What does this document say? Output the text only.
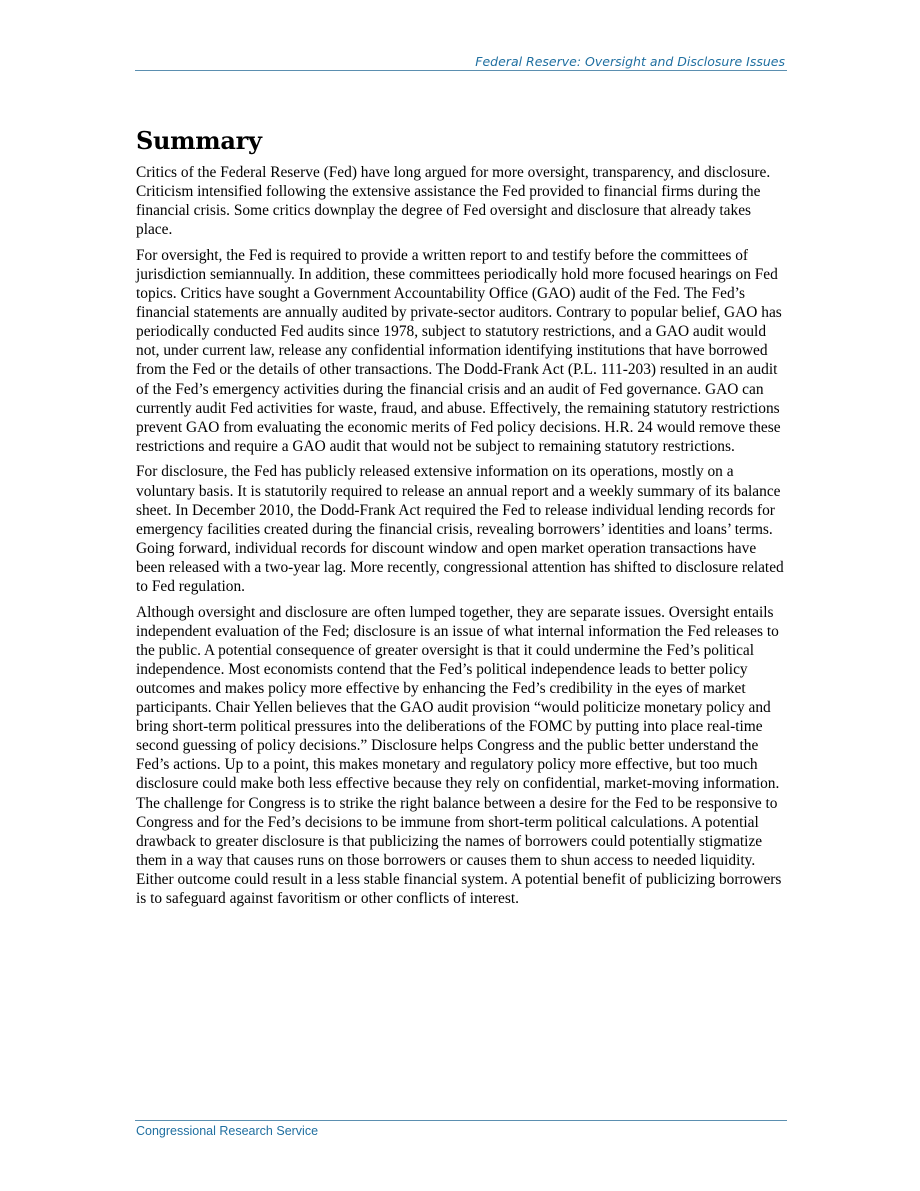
Federal Reserve: Oversight and Disclosure Issues
Summary

Critics of the Federal Reserve (Fed) have long argued for more oversight, transparency, and disclosure. Criticism intensified following the extensive assistance the Fed provided to financial firms during the financial crisis. Some critics downplay the degree of Fed oversight and disclosure that already takes place.

For oversight, the Fed is required to provide a written report to and testify before the committees of jurisdiction semiannually. In addition, these committees periodically hold more focused hearings on Fed topics. Critics have sought a Government Accountability Office (GAO) audit of the Fed. The Fed’s financial statements are annually audited by private-sector auditors. Contrary to popular belief, GAO has periodically conducted Fed audits since 1978, subject to statutory restrictions, and a GAO audit would not, under current law, release any confidential information identifying institutions that have borrowed from the Fed or the details of other transactions. The Dodd-Frank Act (P.L. 111-203) resulted in an audit of the Fed’s emergency activities during the financial crisis and an audit of Fed governance. GAO can currently audit Fed activities for waste, fraud, and abuse. Effectively, the remaining statutory restrictions prevent GAO from evaluating the economic merits of Fed policy decisions. H.R. 24 would remove these restrictions and require a GAO audit that would not be subject to remaining statutory restrictions.

For disclosure, the Fed has publicly released extensive information on its operations, mostly on a voluntary basis. It is statutorily required to release an annual report and a weekly summary of its balance sheet. In December 2010, the Dodd-Frank Act required the Fed to release individual lending records for emergency facilities created during the financial crisis, revealing borrowers’ identities and loans’ terms. Going forward, individual records for discount window and open market operation transactions have been released with a two-year lag. More recently, congressional attention has shifted to disclosure related to Fed regulation.

Although oversight and disclosure are often lumped together, they are separate issues. Oversight entails independent evaluation of the Fed; disclosure is an issue of what internal information the Fed releases to the public. A potential consequence of greater oversight is that it could undermine the Fed’s political independence. Most economists contend that the Fed’s political independence leads to better policy outcomes and makes policy more effective by enhancing the Fed’s credibility in the eyes of market participants. Chair Yellen believes that the GAO audit provision “would politicize monetary policy and bring short-term political pressures into the deliberations of the FOMC by putting into place real-time second guessing of policy decisions.” Disclosure helps Congress and the public better understand the Fed’s actions. Up to a point, this makes monetary and regulatory policy more effective, but too much disclosure could make both less effective because they rely on confidential, market-moving information. The challenge for Congress is to strike the right balance between a desire for the Fed to be responsive to Congress and for the Fed’s decisions to be immune from short-term political calculations. A potential drawback to greater disclosure is that publicizing the names of borrowers could potentially stigmatize them in a way that causes runs on those borrowers or causes them to shun access to needed liquidity. Either outcome could result in a less stable financial system. A potential benefit of publicizing borrowers is to safeguard against favoritism or other conflicts of interest.

Congressional Research Service
